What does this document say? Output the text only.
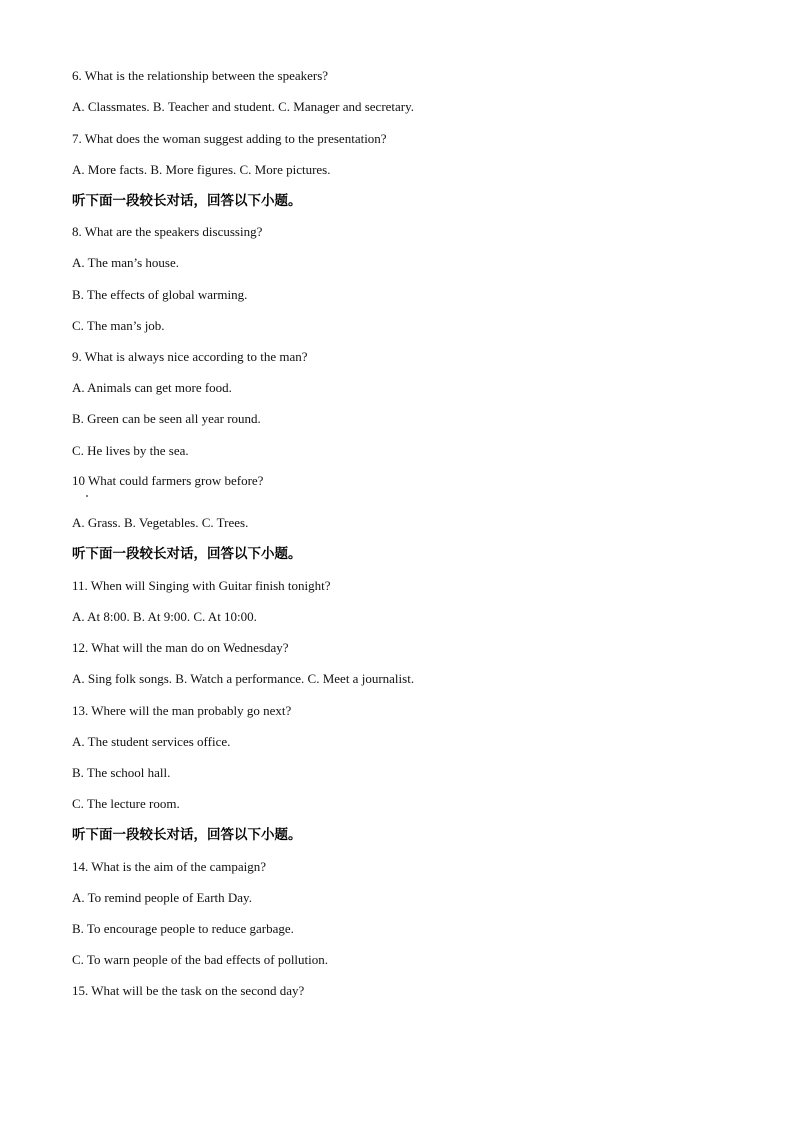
6. What is the relationship between the speakers?
A. Classmates. B. Teacher and student. C. Manager and secretary.
7. What does the woman suggest adding to the presentation?
A. More facts. B. More figures. C. More pictures.
听下面一段较长对话，回答以下小题。
8. What are the speakers discussing?
A. The man’s house.
B. The effects of global warming.
C. The man’s job.
9. What is always nice according to the man?
A. Animals can get more food.
B. Green can be seen all year round.
C. He lives by the sea.
10 What could farmers grow before?
A. Grass. B. Vegetables. C. Trees.
听下面一段较长对话，回答以下小题。
11. When will Singing with Guitar finish tonight?
A. At 8:00. B. At 9:00. C. At 10:00.
12. What will the man do on Wednesday?
A. Sing folk songs. B. Watch a performance. C. Meet a journalist.
13. Where will the man probably go next?
A. The student services office.
B. The school hall.
C. The lecture room.
听下面一段较长对话，回答以下小题。
14. What is the aim of the campaign?
A. To remind people of Earth Day.
B. To encourage people to reduce garbage.
C. To warn people of the bad effects of pollution.
15. What will be the task on the second day?
